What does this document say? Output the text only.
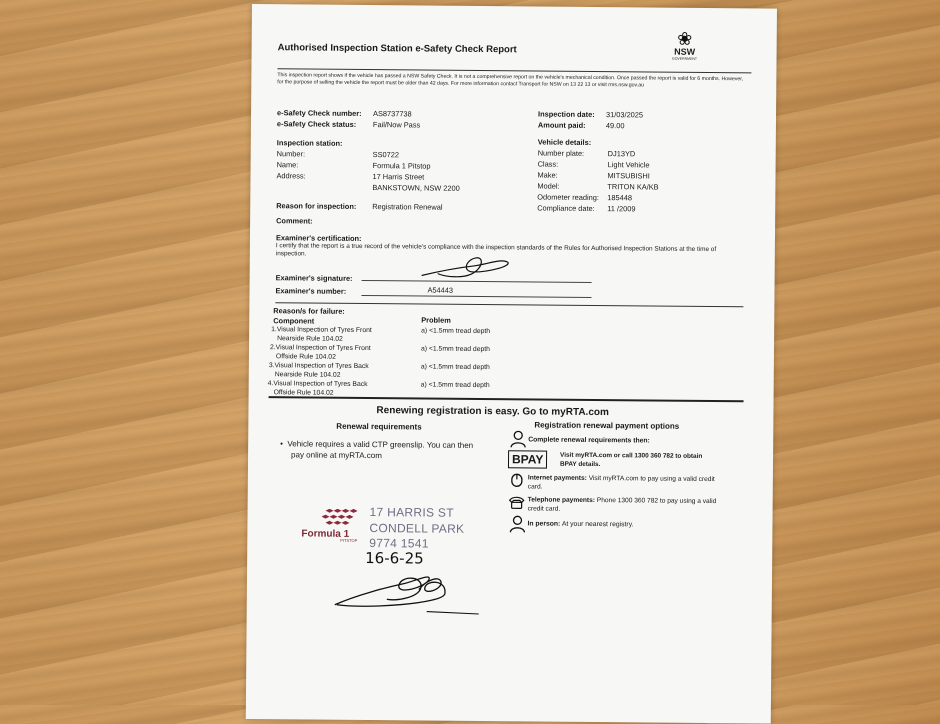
Authorised Inspection Station e-Safety Check Report	❀
NSW
GOVERNMENT
This inspection report shows if the vehicle has passed a NSW Safety Check. It is not a comprehensive report on the vehicle's mechanical condition. Once passed the report is valid for 6 months. However, for the purpose of selling the vehicle the report must be older than 42 days. For more information contact Transport for NSW on 13 22 13 or visit rms.nsw.gov.au
e-Safety Check number: AS8737738
e-Safety Check status: Fail/Now Pass
Inspection date: 31/03/2025
Amount paid:	49.00
Inspection station:
Number:	SS0722
Name:	Formula 1 Pitstop
Address:	17 Harris Street
BANKSTOWN, NSW 2200
Vehicle details:
Number plate:	DJ13YD
Class:	Light Vehicle
Make:	MITSUBISHI
Model:	TRITON KA/KB
Odometer reading: 185448
Compliance date: 11 /2009
Reason for inspection: Registration Renewal
Comment:
Examiner's certification:
I certify that the report is a true record of the vehicle's compliance with the inspection standards of the Rules for Authorised Inspection Stations at the time of inspection.
Examiner's signature:
Examiner's number:	A54443
Reason/s for failure:
Component	Problem
1.Visual Inspection of Tyres Front
Nearside Rule 104.02
a) <1.5mm tread depth
2.Visual Inspection of Tyres Front
Offside Rule 104.02
a) <1.5mm tread depth
3.Visual Inspection of Tyres Back
Nearside Rule 104.02
a) <1.5mm tread depth
4.Visual Inspection of Tyres Back
Offside Rule 104.02
a) <1.5mm tread depth
Renewing registration is easy. Go to myRTA.com
Renewal requirements
•  Vehicle requires a valid CTP greenslip. You can then
pay online at myRTA.com
Registration renewal payment options
Complete renewal requirements then:
BPAY	Visit myRTA.com or call 1300 360 782 to obtain
BPAY details.
Internet payments: Visit myRTA.com to pay using a valid credit card.
Telephone payments: Phone 1300 360 782 to pay using a valid credit card.
In person: At your nearest registry.
Formula 1
PITSTOP
17 HARRIS ST
CONDELL PARK
9774 1541
16-6-25
